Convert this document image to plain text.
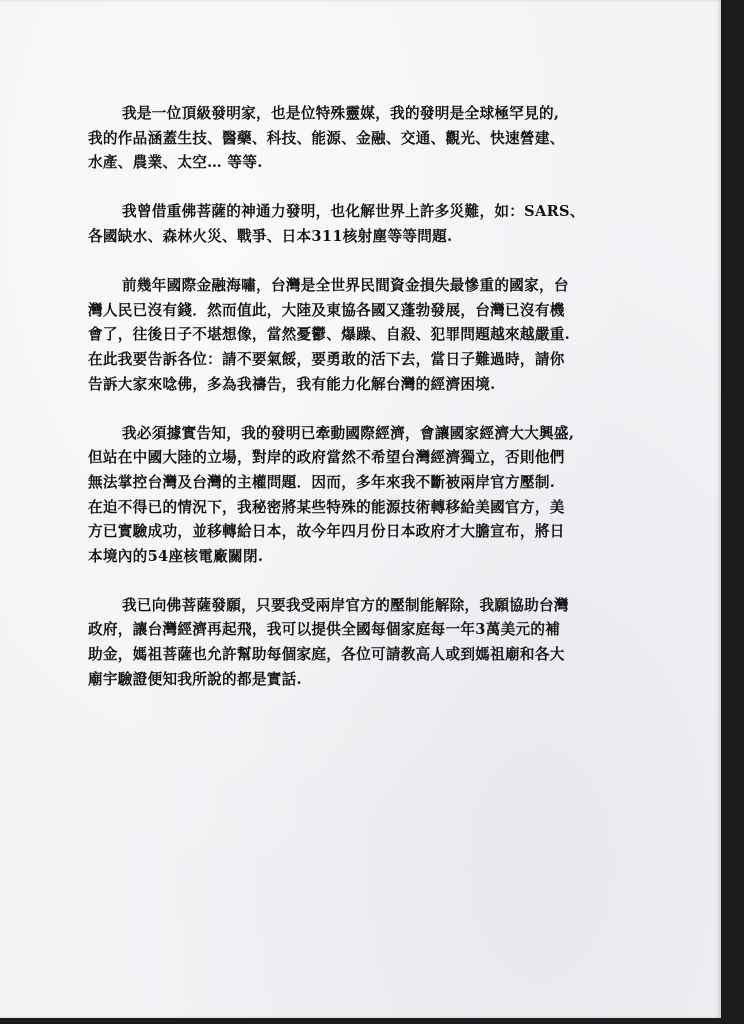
我是一位頂級發明家，也是位特殊靈媒，我的發明是全球極罕見的,
我的作品涵蓋生技、醫藥、科技、能源、金融、交通、觀光、快速營建、
水產、農業、太空… 等等.

我曾借重佛菩薩的神通力發明，也化解世界上許多災難，如：SARS、
各國缺水、森林火災、戰爭、日本311核射塵等等問題.

前幾年國際金融海嘯，台灣是全世界民間資金損失最慘重的國家，台
灣人民已沒有錢．然而值此，大陸及東協各國又蓬勃發展，台灣已沒有機
會了，往後日子不堪想像，當然憂鬱、爆躁、自殺、犯罪問題越來越嚴重.
在此我要告訴各位：請不要氣餒，要勇敢的活下去，當日子難過時，請你
告訴大家來唸佛，多為我禱告，我有能力化解台灣的經濟困境.

我必須據實告知，我的發明已牽動國際經濟，會讓國家經濟大大興盛,
但站在中國大陸的立場，對岸的政府當然不希望台灣經濟獨立，否則他們
無法掌控台灣及台灣的主權問題．因而，多年來我不斷被兩岸官方壓制.
在迫不得已的情況下，我秘密將某些特殊的能源技術轉移給美國官方，美
方已實驗成功，並移轉給日本，故今年四月份日本政府才大膽宣布，將日
本境內的54座核電廠關閉.

我已向佛菩薩發願，只要我受兩岸官方的壓制能解除，我願協助台灣
政府，讓台灣經濟再起飛，我可以提供全國每個家庭每一年3萬美元的補
助金，媽祖菩薩也允許幫助每個家庭，各位可請教高人或到媽祖廟和各大
廟宇驗證便知我所說的都是實話.
